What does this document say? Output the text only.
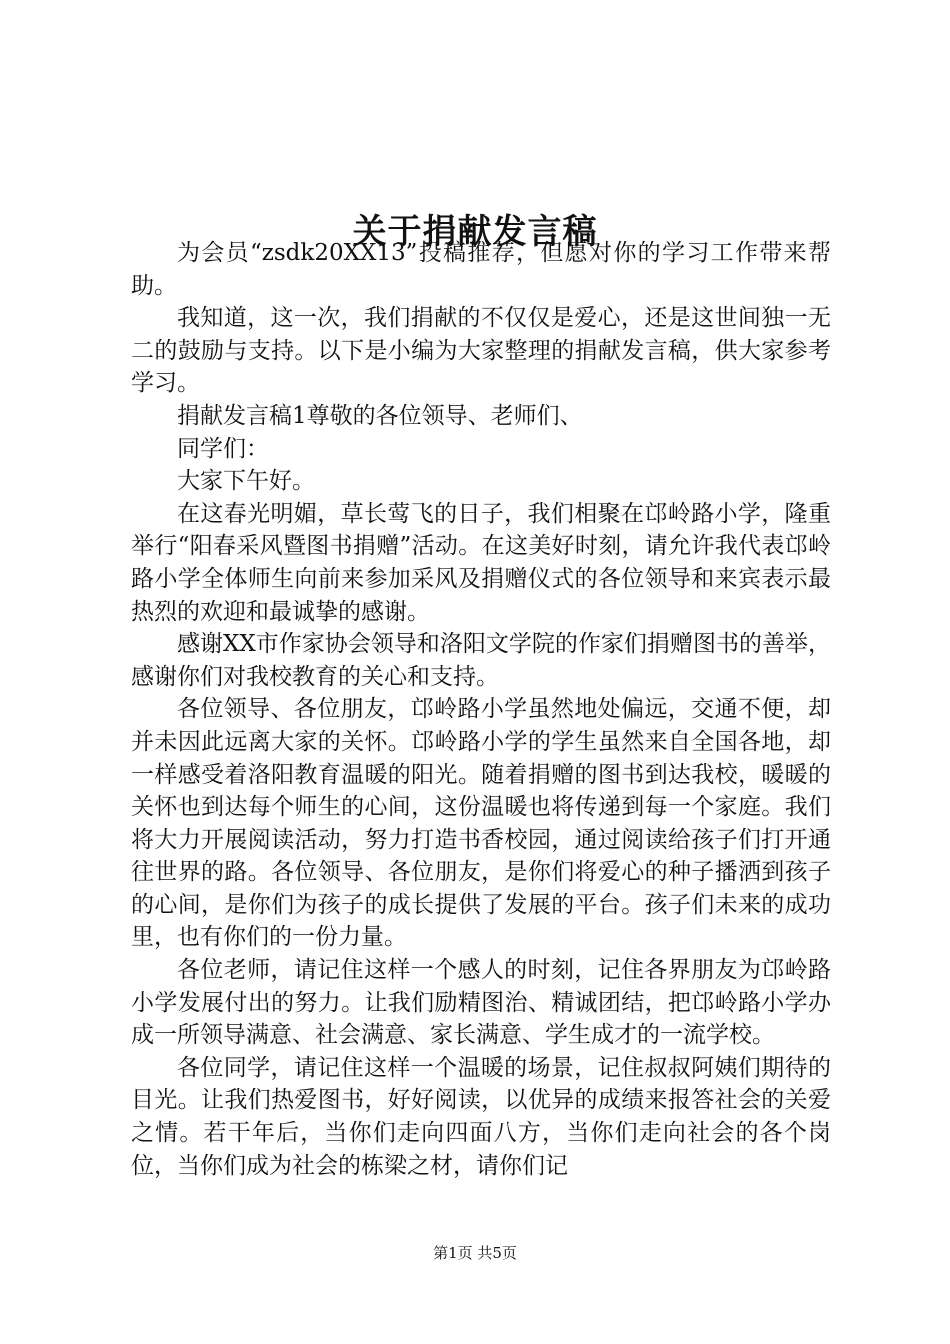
关于捐献发言稿

为会员“zsdk20XX13”投稿推荐，但愿对你的学习工作带来帮助。

我知道，这一次，我们捐献的不仅仅是爱心，还是这世间独一无二的鼓励与支持。以下是小编为大家整理的捐献发言稿，供大家参考学习。

捐献发言稿1尊敬的各位领导、老师们、

同学们：

大家下午好。

在这春光明媚，草长莺飞的日子，我们相聚在邙岭路小学，隆重举行“阳春采风暨图书捐赠”活动。在这美好时刻，请允许我代表邙岭路小学全体师生向前来参加采风及捐赠仪式的各位领导和来宾表示最热烈的欢迎和最诚挚的感谢。

感谢XX市作家协会领导和洛阳文学院的作家们捐赠图书的善举，感谢你们对我校教育的关心和支持。

各位领导、各位朋友，邙岭路小学虽然地处偏远，交通不便，却并未因此远离大家的关怀。邙岭路小学的学生虽然来自全国各地，却一样感受着洛阳教育温暖的阳光。随着捐赠的图书到达我校，暖暖的关怀也到达每个师生的心间，这份温暖也将传递到每一个家庭。我们将大力开展阅读活动，努力打造书香校园，通过阅读给孩子们打开通往世界的路。各位领导、各位朋友，是你们将爱心的种子播洒到孩子的心间，是你们为孩子的成长提供了发展的平台。孩子们未来的成功里，也有你们的一份力量。

各位老师，请记住这样一个感人的时刻，记住各界朋友为邙岭路小学发展付出的努力。让我们励精图治、精诚团结，把邙岭路小学办成一所领导满意、社会满意、家长满意、学生成才的一流学校。

各位同学，请记住这样一个温暖的场景，记住叔叔阿姨们期待的目光。让我们热爱图书，好好阅读，以优异的成绩来报答社会的关爱之情。若干年后，当你们走向四面八方，当你们走向社会的各个岗位，当你们成为社会的栋梁之材，请你们记

第1页 共5页
